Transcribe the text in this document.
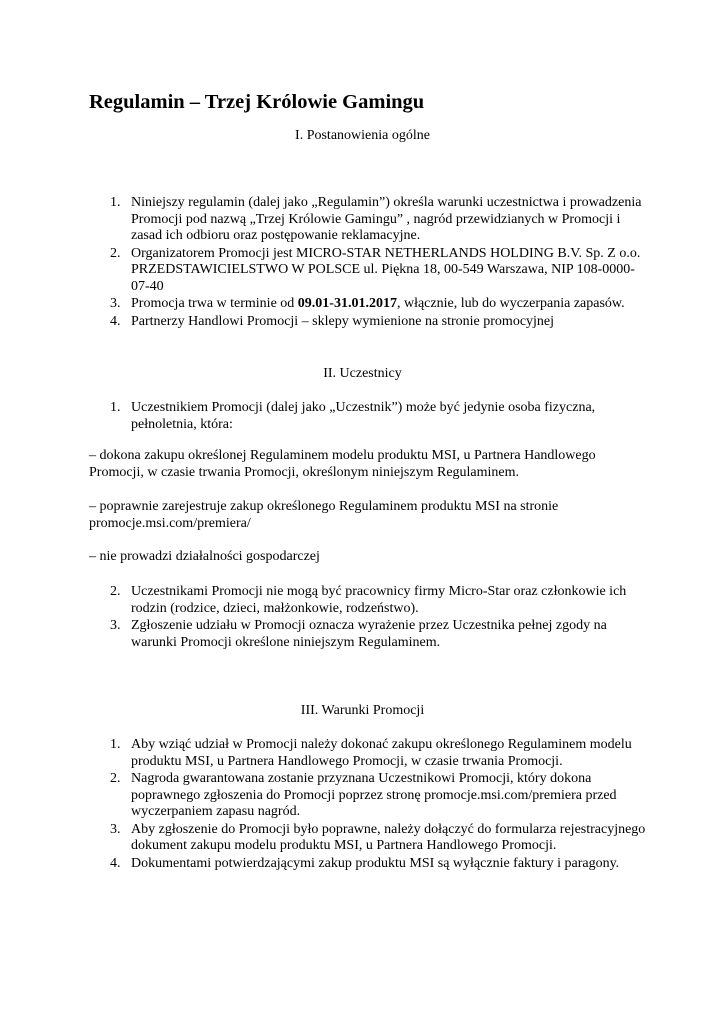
Regulamin – Trzej Królowie Gamingu
I. Postanowienia ogólne
1. Niniejszy regulamin (dalej jako „Regulamin”) określa warunki uczestnictwa i prowadzenia Promocji pod nazwą „Trzej Królowie Gamingu” , nagród przewidzianych w Promocji i zasad ich odbioru oraz postępowanie reklamacyjne.
2. Organizatorem Promocji jest MICRO-STAR NETHERLANDS HOLDING B.V. Sp. Z o.o. PRZEDSTAWICIELSTWO W POLSCE ul. Piękna 18, 00-549 Warszawa, NIP 108-0000-07-40
3. Promocja trwa w terminie od 09.01-31.01.2017, włącznie, lub do wyczerpania zapasów.
4. Partnerzy Handlowi Promocji – sklepy wymienione na stronie promocyjnej
II. Uczestnicy
1. Uczestnikiem Promocji (dalej jako „Uczestnik”) może być jedynie osoba fizyczna, pełnoletnia, która:

– dokona zakupu określonej Regulaminem modelu produktu MSI, u Partnera Handlowego Promocji, w czasie trwania Promocji, określonym niniejszym Regulaminem.

– poprawnie zarejestruje zakup określonego Regulaminem produktu MSI na stronie promocje.msi.com/premiera/

– nie prowadzi działalności gospodarczej

2. Uczestnikami Promocji nie mogą być pracownicy firmy Micro-Star oraz członkowie ich rodzin (rodzice, dzieci, małżonkowie, rodzeństwo).
3. Zgłoszenie udziału w Promocji oznacza wyrażenie przez Uczestnika pełnej zgody na warunki Promocji określone niniejszym Regulaminem.
III. Warunki Promocji
1. Aby wziąć udział w Promocji należy dokonać zakupu określonego Regulaminem modelu produktu MSI, u Partnera Handlowego Promocji, w czasie trwania Promocji.
2. Nagroda gwarantowana zostanie przyznana Uczestnikowi Promocji, który dokona poprawnego zgłoszenia do Promocji poprzez stronę promocje.msi.com/premiera przed wyczerpaniem zapasu nagród.
3. Aby zgłoszenie do Promocji było poprawne, należy dołączyć do formularza rejestracyjnego dokument zakupu modelu produktu MSI, u Partnera Handlowego Promocji.
4. Dokumentami potwierdzającymi zakup produktu MSI są wyłącznie faktury i paragony.
